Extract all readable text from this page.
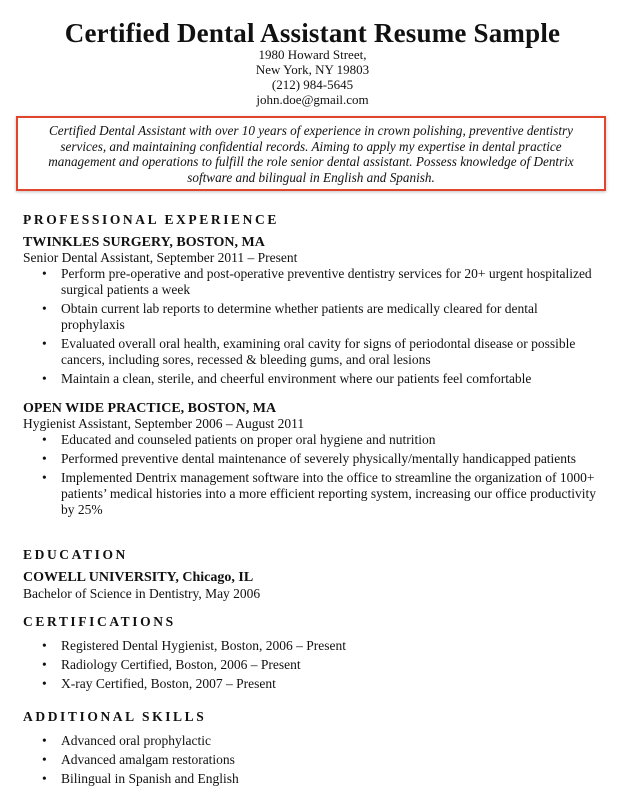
Certified Dental Assistant Resume Sample
1980 Howard Street,
New York, NY 19803
(212) 984-5645
john.doe@gmail.com
Certified Dental Assistant with over 10 years of experience in crown polishing, preventive dentistry services, and maintaining confidential records. Aiming to apply my expertise in dental practice management and operations to fulfill the role senior dental assistant. Possess knowledge of Dentrix software and bilingual in English and Spanish.
PROFESSIONAL EXPERIENCE
TWINKLES SURGERY, BOSTON, MA
Senior Dental Assistant, September 2011 – Present
• Perform pre-operative and post-operative preventive dentistry services for 20+ urgent hospitalized surgical patients a week
• Obtain current lab reports to determine whether patients are medically cleared for dental prophylaxis
• Evaluated overall oral health, examining oral cavity for signs of periodontal disease or possible cancers, including sores, recessed & bleeding gums, and oral lesions
• Maintain a clean, sterile, and cheerful environment where our patients feel comfortable
OPEN WIDE PRACTICE, BOSTON, MA
Hygienist Assistant, September 2006 – August 2011
• Educated and counseled patients on proper oral hygiene and nutrition
• Performed preventive dental maintenance of severely physically/mentally handicapped patients
• Implemented Dentrix management software into the office to streamline the organization of 1000+ patients’ medical histories into a more efficient reporting system, increasing our office productivity by 25%
EDUCATION
COWELL UNIVERSITY, Chicago, IL
Bachelor of Science in Dentistry, May 2006
CERTIFICATIONS
• Registered Dental Hygienist, Boston, 2006 – Present
• Radiology Certified, Boston, 2006 – Present
• X-ray Certified, Boston, 2007 – Present
ADDITIONAL SKILLS
• Advanced oral prophylactic
• Advanced amalgam restorations
• Bilingual in Spanish and English
